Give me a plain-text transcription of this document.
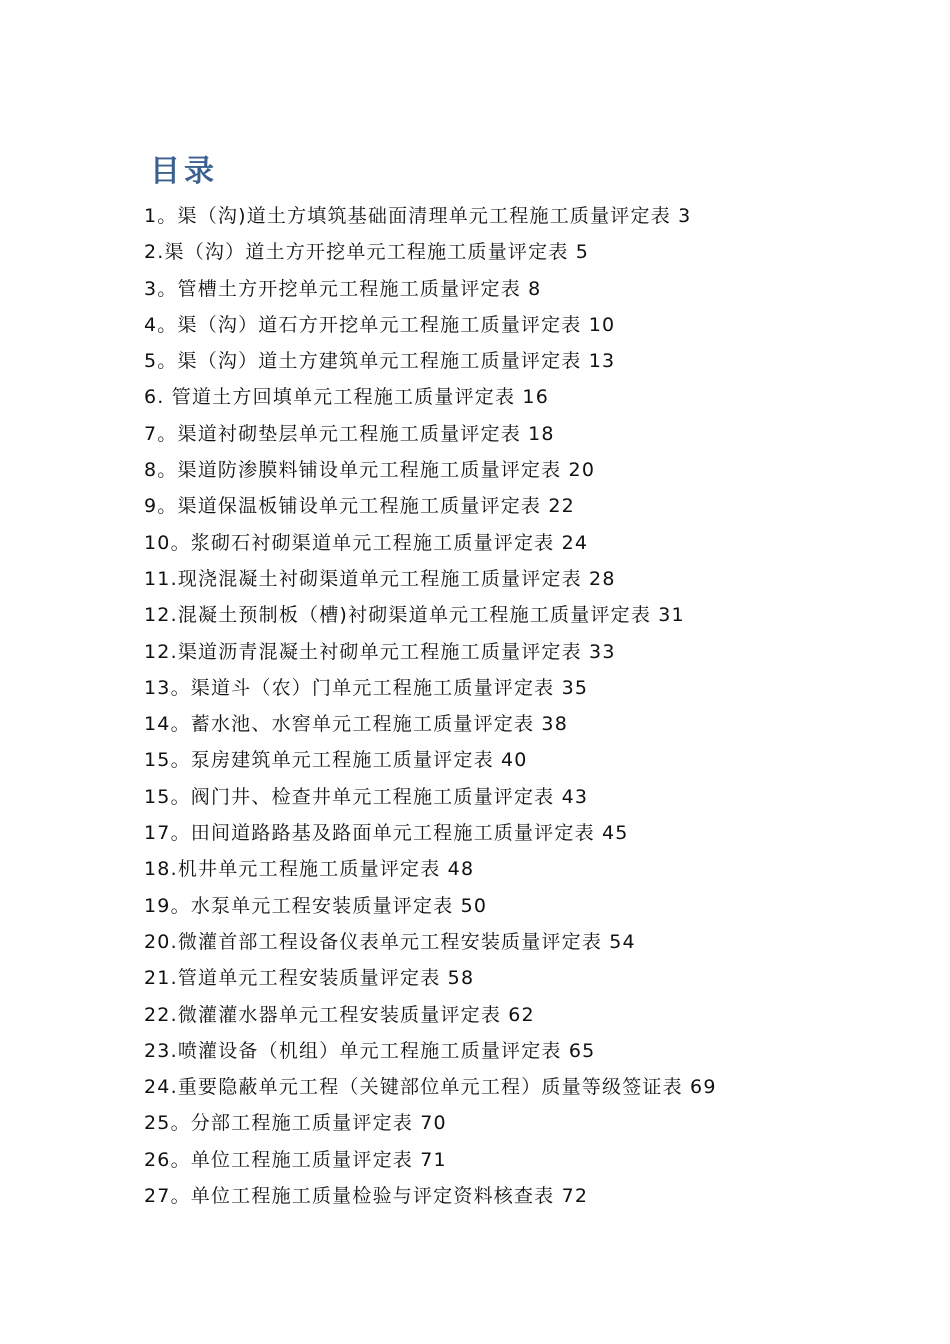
目录
1。渠（沟)道土方填筑基础面清理单元工程施工质量评定表 3
2.渠（沟）道土方开挖单元工程施工质量评定表 5
3。管槽土方开挖单元工程施工质量评定表 8
4。渠（沟）道石方开挖单元工程施工质量评定表 10
5。渠（沟）道土方建筑单元工程施工质量评定表 13
6. 管道土方回填单元工程施工质量评定表 16
7。渠道衬砌垫层单元工程施工质量评定表 18
8。渠道防渗膜料铺设单元工程施工质量评定表 20
9。渠道保温板铺设单元工程施工质量评定表 22
10。浆砌石衬砌渠道单元工程施工质量评定表 24
11.现浇混凝土衬砌渠道单元工程施工质量评定表 28
12.混凝土预制板（槽)衬砌渠道单元工程施工质量评定表 31
12.渠道沥青混凝土衬砌单元工程施工质量评定表 33
13。渠道斗（农）门单元工程施工质量评定表 35
14。蓄水池、水窖单元工程施工质量评定表 38
15。泵房建筑单元工程施工质量评定表 40
15。阀门井、检查井单元工程施工质量评定表 43
17。田间道路路基及路面单元工程施工质量评定表 45
18.机井单元工程施工质量评定表 48
19。水泵单元工程安装质量评定表 50
20.微灌首部工程设备仪表单元工程安装质量评定表 54
21.管道单元工程安装质量评定表 58
22.微灌灌水器单元工程安装质量评定表 62
23.喷灌设备（机组）单元工程施工质量评定表 65
24.重要隐蔽单元工程（关键部位单元工程）质量等级签证表 69
25。分部工程施工质量评定表 70
26。单位工程施工质量评定表 71
27。单位工程施工质量检验与评定资料核查表 72
